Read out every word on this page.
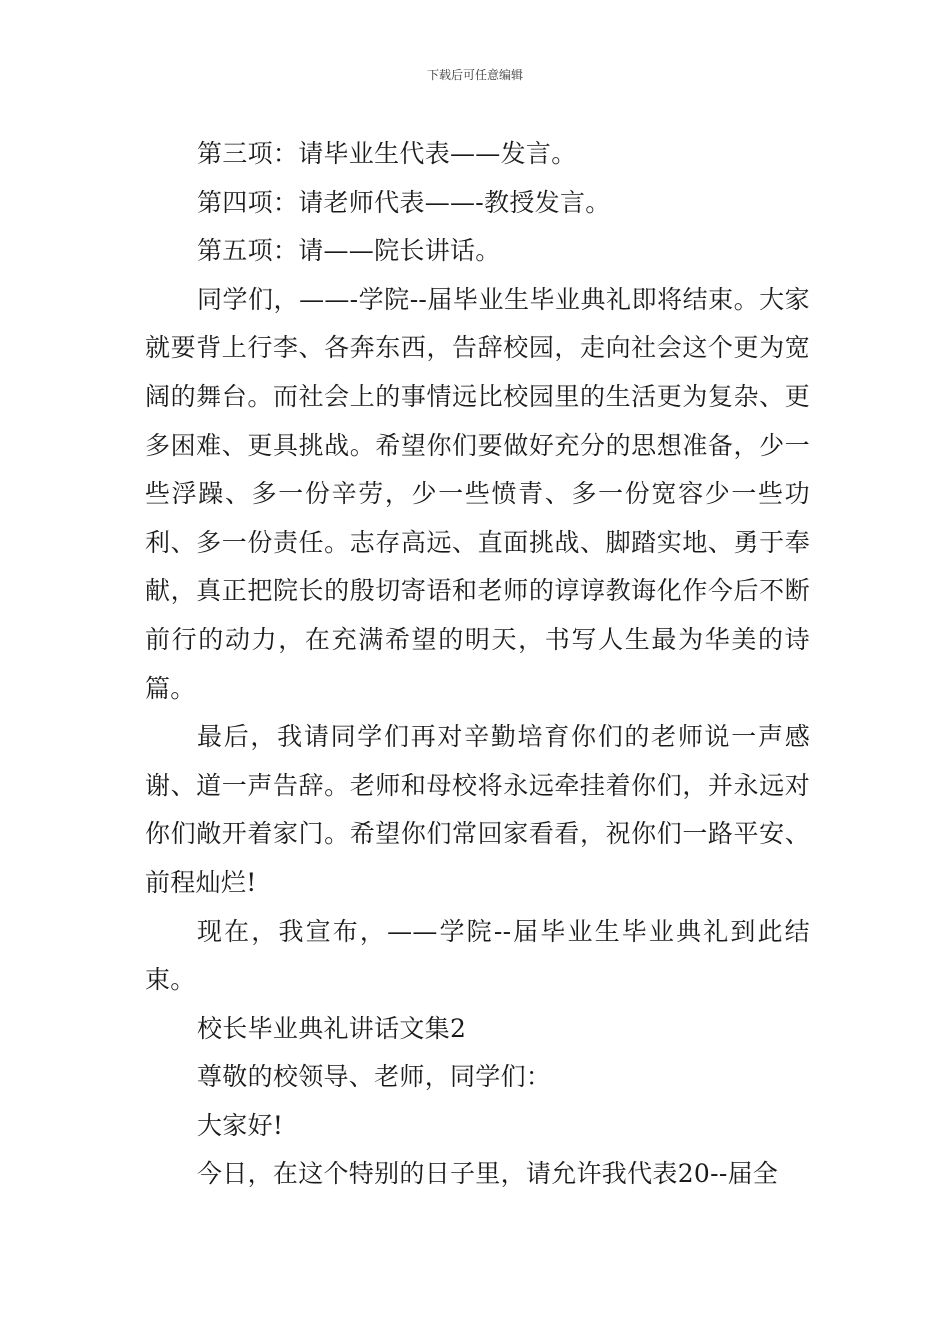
下载后可任意编辑

第三项：请毕业生代表——发言。

第四项：请老师代表——-教授发言。

第五项：请——院长讲话。

同学们，——-学院--届毕业生毕业典礼即将结束。大家就要背上行李、各奔东西，告辞校园，走向社会这个更为宽阔的舞台。而社会上的事情远比校园里的生活更为复杂、更多困难、更具挑战。希望你们要做好充分的思想准备，少一些浮躁、多一份辛劳，少一些愤青、多一份宽容少一些功利、多一份责任。志存高远、直面挑战、脚踏实地、勇于奉献，真正把院长的殷切寄语和老师的谆谆教诲化作今后不断前行的动力，在充满希望的明天，书写人生最为华美的诗篇。

最后，我请同学们再对辛勤培育你们的老师说一声感谢、道一声告辞。老师和母校将永远牵挂着你们，并永远对你们敞开着家门。希望你们常回家看看，祝你们一路平安、前程灿烂!

现在，我宣布，——学院--届毕业生毕业典礼到此结束。

校长毕业典礼讲话文集2

尊敬的校领导、老师，同学们：

大家好!

今日，在这个特别的日子里，请允许我代表20--届全
